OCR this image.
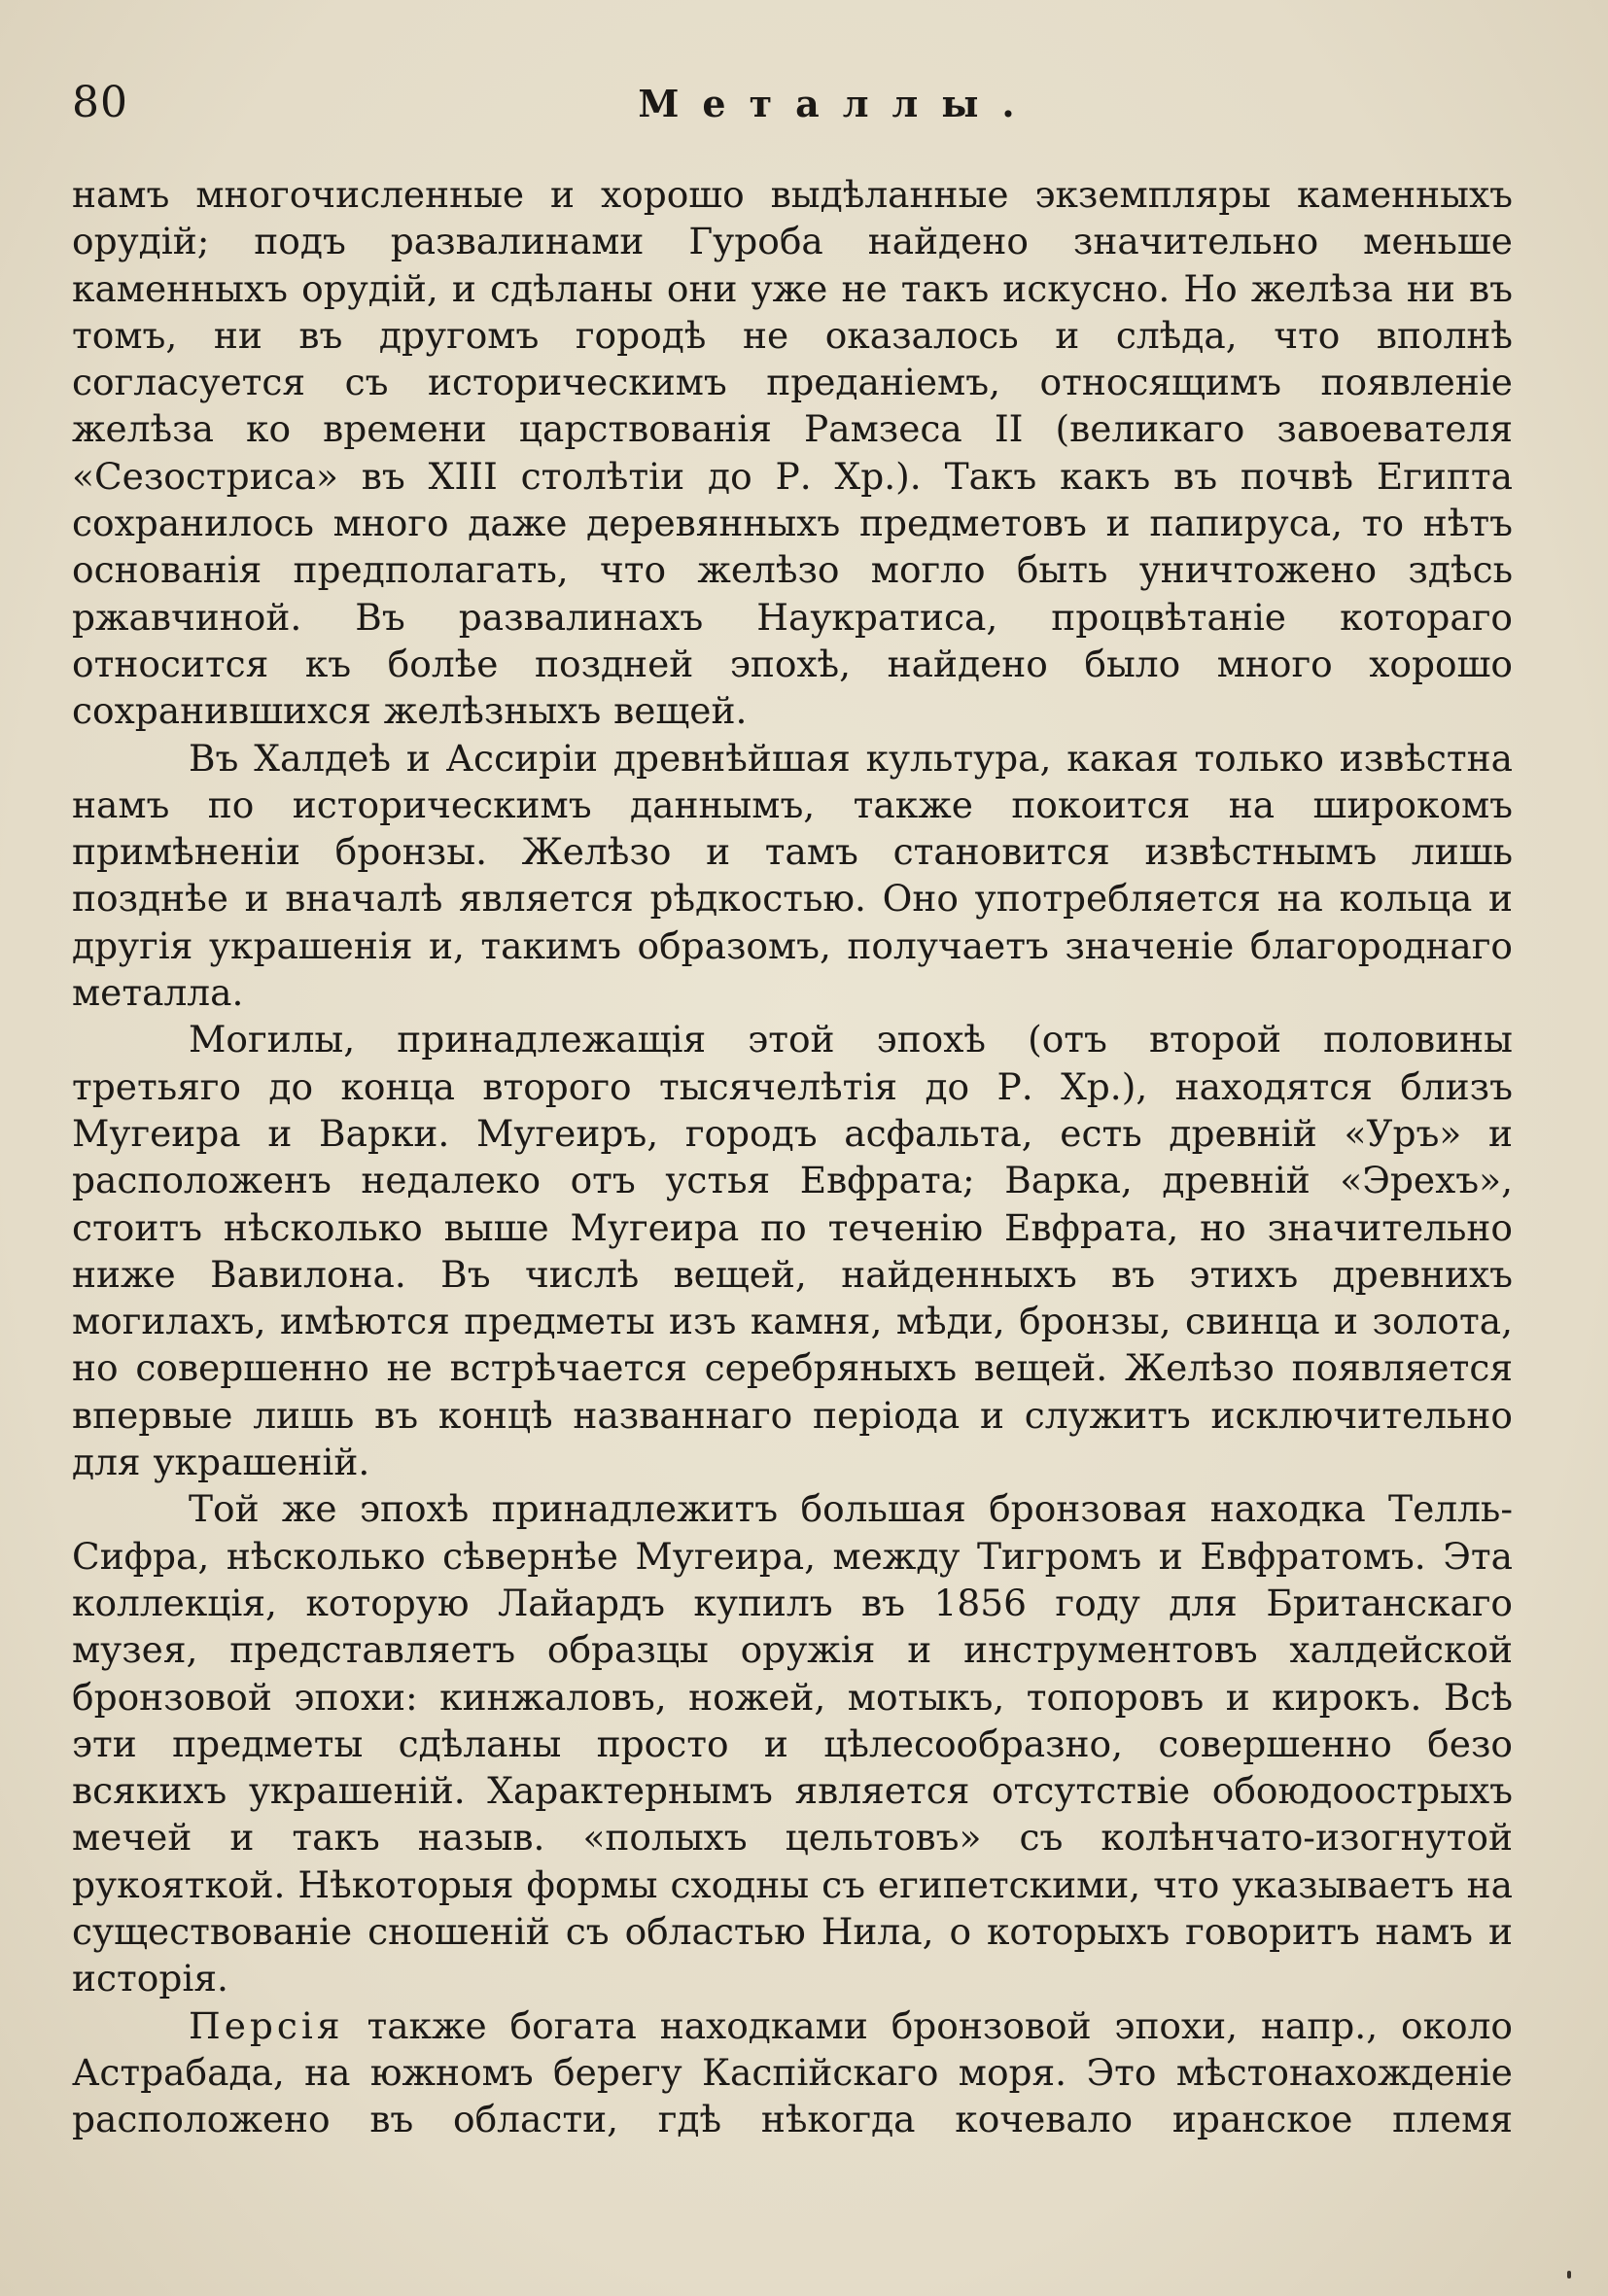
80	Металлы.

намъ многочисленные и хорошо выдѣланные экземпляры каменныхъ орудій; подъ развалинами Гуроба найдено значительно меньше каменныхъ орудій, и сдѣланы они уже не такъ искусно. Но желѣза ни въ томъ, ни въ другомъ городѣ не оказалось и слѣда, что вполнѣ согласуется съ историческимъ преданіемъ, относящимъ появленіе желѣза ко времени царствованія Рамзеса II (великаго завоевателя «Сезостриса» въ XIII столѣтіи до Р. Хр.). Такъ какъ въ почвѣ Египта сохранилось много даже деревянныхъ предметовъ и папируса, то нѣтъ основанія предполагать, что желѣзо могло быть уничтожено здѣсь ржавчиной. Въ развалинахъ Наукратиса, процвѣтаніе котораго относится къ болѣе поздней эпохѣ, найдено было много хорошо сохранившихся желѣзныхъ вещей.

Въ Халдеѣ и Ассиріи древнѣйшая культура, какая только извѣстна намъ по историческимъ даннымъ, также покоится на широкомъ примѣненіи бронзы. Желѣзо и тамъ становится извѣстнымъ лишь позднѣе и вначалѣ является рѣдкостью. Оно употребляется на кольца и другія украшенія и, такимъ образомъ, получаетъ значеніе благороднаго металла.

Могилы, принадлежащія этой эпохѣ (отъ второй половины третьяго до конца второго тысячелѣтія до Р. Хр.), находятся близъ Мугеира и Варки. Мугеиръ, городъ асфальта, есть древній «Уръ» и расположенъ недалеко отъ устья Евфрата; Варка, древній «Эрехъ», стоитъ нѣсколько выше Мугеира по теченію Евфрата, но значительно ниже Вавилона. Въ числѣ вещей, найденныхъ въ этихъ древнихъ могилахъ, имѣются предметы изъ камня, мѣди, бронзы, свинца и золота, но совершенно не встрѣчается серебряныхъ вещей. Желѣзо появляется впервые лишь въ концѣ названнаго періода и служитъ исключительно для украшеній.

Той же эпохѣ принадлежитъ большая бронзовая находка Телль-Сифра, нѣсколько сѣвернѣе Мугеира, между Тигромъ и Евфратомъ. Эта коллекція, которую Лайардъ купилъ въ 1856 году для Британскаго музея, представляетъ образцы оружія и инструментовъ халдейской бронзовой эпохи: кинжаловъ, ножей, мотыкъ, топоровъ и кирокъ. Всѣ эти предметы сдѣланы просто и цѣлесообразно, совершенно безо всякихъ украшеній. Характернымъ является отсутствіе обоюдоострыхъ мечей и такъ назыв. «полыхъ цельтовъ» съ колѣнчато-изогнутой рукояткой. Нѣкоторыя формы сходны съ египетскими, что указываетъ на существованіе сношеній съ областью Нила, о которыхъ говоритъ намъ и исторія.

Персія также богата находками бронзовой эпохи, напр., около Астрабада, на южномъ берегу Каспійскаго моря. Это мѣстонахожденіе расположено въ области, гдѣ нѣкогда кочевало иранское племя
